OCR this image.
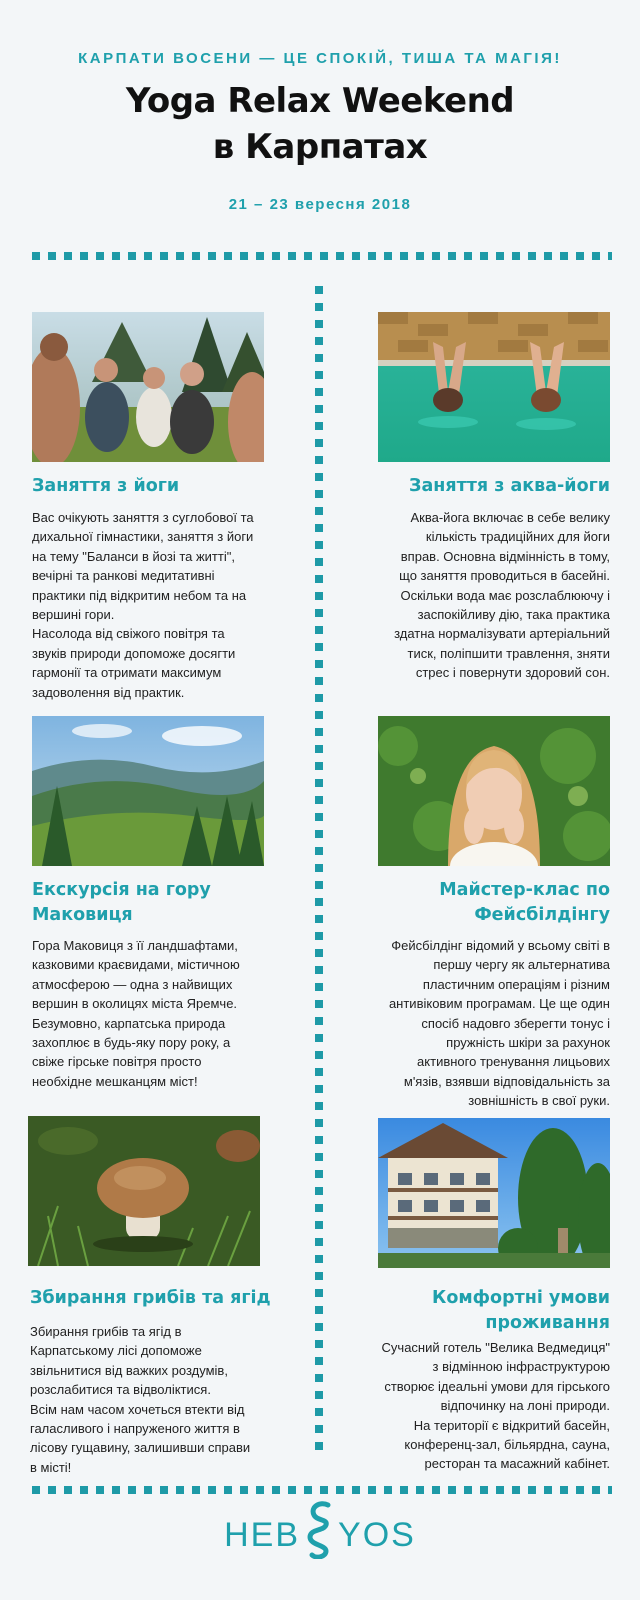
КАРПАТИ ВОСЕНИ — ЦЕ СПОКІЙ, ТИША ТА МАГІЯ!
Yoga Relax Weekend
в Карпатах
21 – 23 вересня 2018
Заняття з йоги
Вас очікують заняття з суглобової та
дихальної гімнастики, заняття з йоги
на тему "Баланси в йозі та житті",
вечірні та ранкові медитативні
практики під відкритим небом та на
вершині гори.
Насолода від свіжого повітря та
звуків природи допоможе досягти
гармонії та отримати максимум
задоволення від практик.
Заняття з аква-йоги
Аква-йога включає в себе велику
кількість традиційних для йоги
вправ. Основна відмінність в тому,
що заняття проводиться в басейні.
Оскільки вода має розслаблюючу і
заспокійливу дію, така практика
здатна нормалізувати артеріальний
тиск, поліпшити травлення, зняти
стрес і повернути здоровий сон.
Екскурсія на гору
Маковиця
Гора Маковиця з її ландшафтами,
казковими краєвидами, містичною
атмосферою — одна з найвищих
вершин в околицях міста Яремче.
Безумовно, карпатська природа
захоплює в будь-яку пору року, а
свіже гірське повітря просто
необхідне мешканцям міст!
Майстер-клас по
Фейсбілдінгу
Фейсбілдінг відомий у всьому світі в
першу чергу як альтернатива
пластичним операціям і різним
антивіковим програмам. Це ще один
спосіб надовго зберегти тонус і
пружність шкіри за рахунок
активного тренування лицьових
м'язів, взявши відповідальність за
зовнішність в свої руки.
Збирання грибів та ягід
Збирання грибів та ягід в
Карпатському лісі допоможе
звільнитися від важких роздумів,
розслабитися та відволіктися.
Всім нам часом хочеться втекти від
галасливого і напруженого життя в
лісову гущавину, залишивши справи
в місті!
Комфортні умови
проживання
Сучасний готель "Велика Ведмедиця"
з відмінною інфраструктурою
створює ідеальні умови для гірського
відпочинку на лоні природи.
На території є відкритий басейн,
конференц-зал, більярдна, сауна,
ресторан та масажний кабінет.
HEB YOS
